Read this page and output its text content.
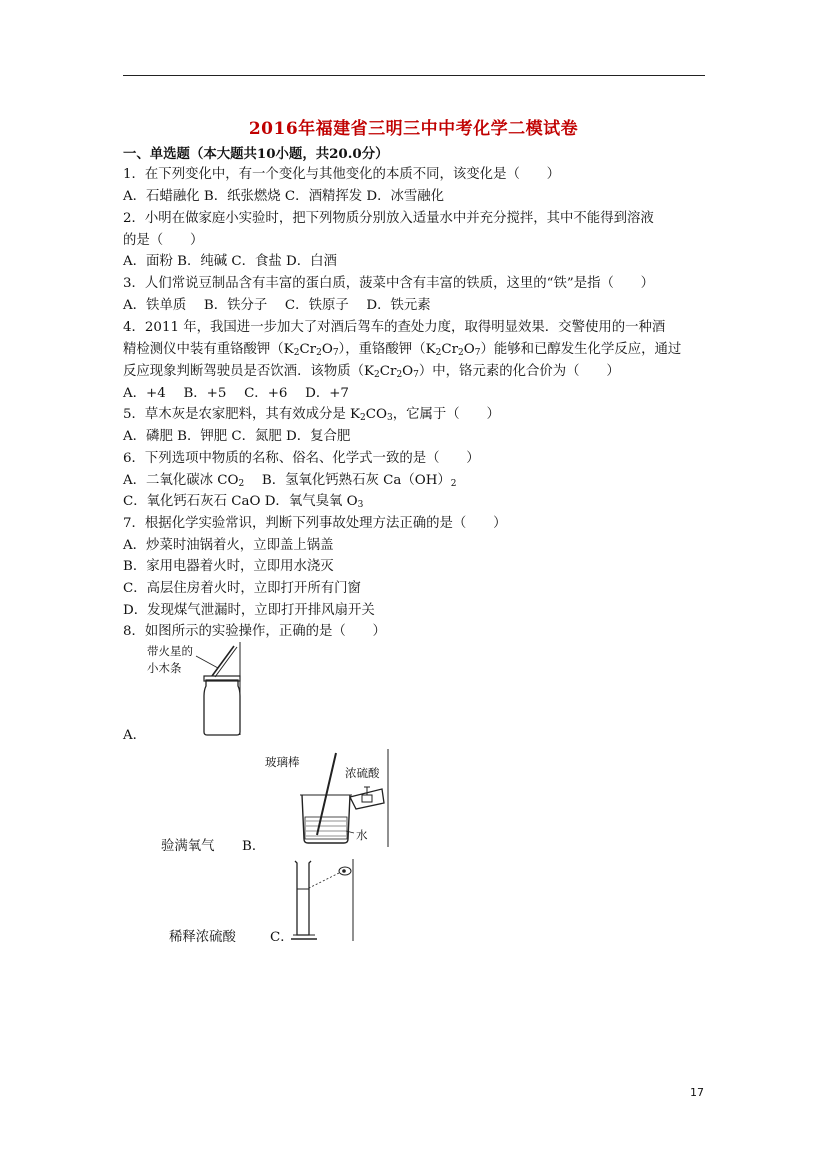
2016年福建省三明三中中考化学二模试卷
一、单选题（本大题共10小题，共20.0分）
1．在下列变化中，有一个变化与其他变化的本质不同，该变化是（　　）
A．石蜡融化 B．纸张燃烧 C．酒精挥发 D．冰雪融化
2．小明在做家庭小实验时，把下列物质分别放入适量水中并充分搅拌，其中不能得到溶液
的是（　　）
A．面粉 B．纯碱 C．食盐 D．白酒
3．人们常说豆制品含有丰富的蛋白质，菠菜中含有丰富的铁质，这里的“铁”是指（　　）
A．铁单质　 B．铁分子　 C．铁原子　 D．铁元素
4．2011 年，我国进一步加大了对酒后驾车的查处力度，取得明显效果．交警使用的一种酒
精检测仪中装有重铬酸钾$(K_2Cr_2O_7)$，重铬酸钾$(K_2Cr_2O_7)$能够和已醇发生化学反应，通过
反应现象判断驾驶员是否饮酒．该物质$(K_2Cr_2O_7)$中，铬元素的化合价为（　　）
A．+4　 B．+5　 C．+6　 D．+7
5．草木灰是农家肥料，其有效成分是 $K_2CO_3$，它属于（　　）
A．磷肥 B．钾肥 C．氮肥 D．复合肥
6．下列选项中物质的名称、俗名、化学式一致的是（　　）
A．二氧化碳冰 $CO_2$　 B．氢氧化钙熟石灰 $Ca(OH)_2$
C．氧化钙石灰石 CaO D．氧气臭氧 $O_3$
7．根据化学实验常识，判断下列事故处理方法正确的是（　　）
A．炒菜时油锅着火，立即盖上锅盖
B．家用电器着火时，立即用水浇灭
C．高层住房着火时，立即打开所有门窗
D．发现煤气泄漏时，立即打开排风扇开关
8．如图所示的实验操作，正确的是（　　）
带火星的
小木条
A．
玻璃棒
浓硫酸
水
验满氧气 B．
稀释浓硫酸	C．
17
